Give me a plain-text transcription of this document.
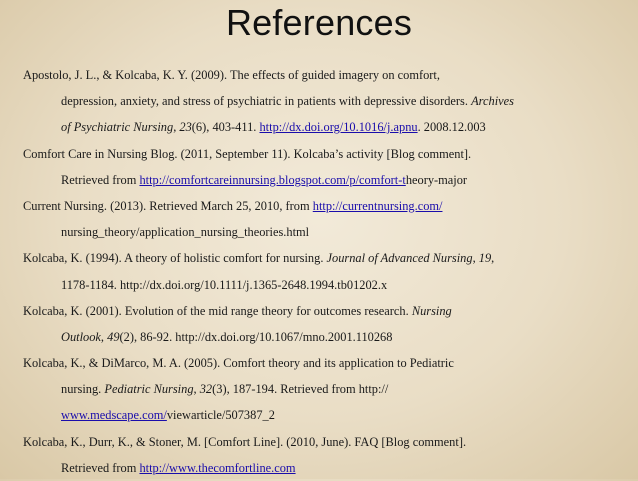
References
Apostolo, J. L., & Kolcaba, K. Y. (2009). The effects of guided imagery on comfort,
depression, anxiety, and stress of psychiatric in patients with depressive disorders. Archives
of Psychiatric Nursing, 23(6), 403-411. http://dx.doi.org/10.1016/j.apnu. 2008.12.003
Comfort Care in Nursing Blog. (2011, September 11). Kolcaba’s activity [Blog comment].
Retrieved from http://comfortcareinnursing.blogspot.com/p/comfort-theory-major
Current Nursing. (2013). Retrieved March 25, 2010, from http://currentnursing.com/
nursing_theory/application_nursing_theories.html
Kolcaba, K. (1994). A theory of holistic comfort for nursing. Journal of Advanced Nursing, 19,
1178-1184. http://dx.doi.org/10.1111/j.1365-2648.1994.tb01202.x
Kolcaba, K. (2001). Evolution of the mid range theory for outcomes research. Nursing
Outlook, 49(2), 86-92. http://dx.doi.org/10.1067/mno.2001.110268
Kolcaba, K., & DiMarco, M. A. (2005). Comfort theory and its application to Pediatric
nursing. Pediatric Nursing, 32(3), 187-194. Retrieved from http://
www.medscape.com/viewarticle/507387_2
Kolcaba, K., Durr, K., & Stoner, M. [Comfort Line]. (2010, June). FAQ [Blog comment].
Retrieved from http://www.thecomfortline.com
